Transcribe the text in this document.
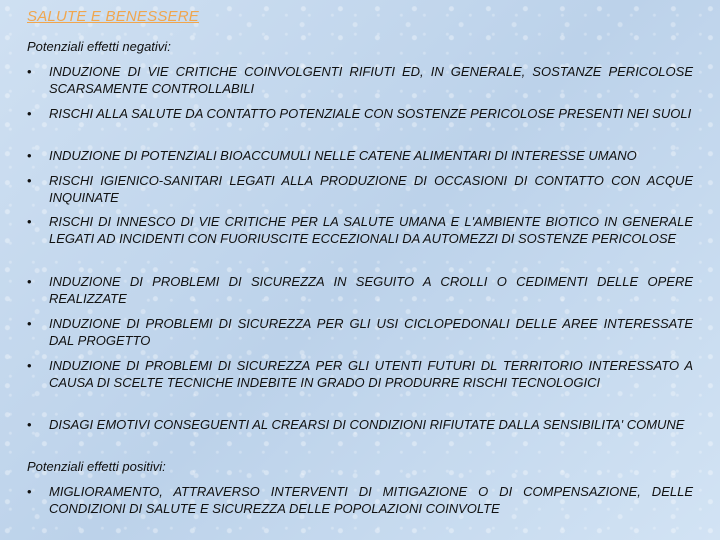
SALUTE E BENESSERE
Potenziali effetti negativi:
•	INDUZIONE DI VIE CRITICHE COINVOLGENTI RIFIUTI ED, IN GENERALE, SOSTANZE PERICOLOSE SCARSAMENTE CONTROLLABILI
•	RISCHI ALLA SALUTE DA CONTATTO POTENZIALE CON SOSTENZE PERICOLOSE PRESENTI NEI SUOLI
•	INDUZIONE DI POTENZIALI BIOACCUMULI NELLE CATENE ALIMENTARI DI INTERESSE UMANO
•	RISCHI IGIENICO-SANITARI LEGATI ALLA PRODUZIONE DI OCCASIONI DI CONTATTO CON ACQUE INQUINATE
•	RISCHI DI INNESCO DI VIE CRITICHE PER LA SALUTE UMANA E L'AMBIENTE BIOTICO IN GENERALE LEGATI AD INCIDENTI CON FUORIUSCITE ECCEZIONALI DA AUTOMEZZI DI SOSTENZE PERICOLOSE
•	INDUZIONE DI PROBLEMI DI SICUREZZA IN SEGUITO A CROLLI O CEDIMENTI DELLE OPERE REALIZZATE
•	INDUZIONE DI PROBLEMI DI SICUREZZA PER GLI USI CICLOPEDONALI DELLE AREE INTERESSATE DAL PROGETTO
•	INDUZIONE DI PROBLEMI DI SICUREZZA PER GLI UTENTI FUTURI DL TERRITORIO INTERESSATO A CAUSA DI SCELTE TECNICHE INDEBITE IN GRADO DI PRODURRE RISCHI TECNOLOGICI
•	DISAGI EMOTIVI CONSEGUENTI AL CREARSI DI CONDIZIONI RIFIUTATE DALLA SENSIBILITA' COMUNE
Potenziali effetti positivi:
•	MIGLIORAMENTO, ATTRAVERSO INTERVENTI DI MITIGAZIONE O DI COMPENSAZIONE, DELLE CONDIZIONI DI SALUTE E SICUREZZA DELLE POPOLAZIONI COINVOLTE
